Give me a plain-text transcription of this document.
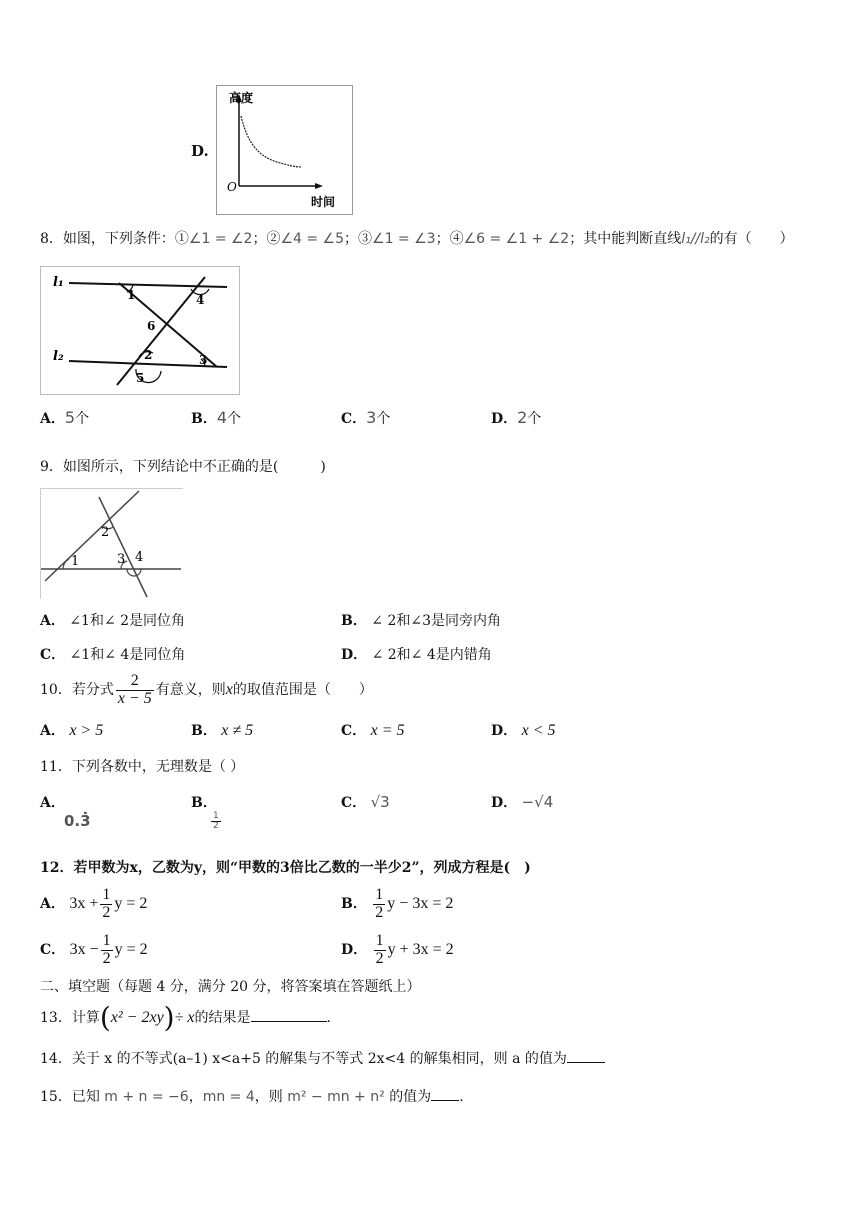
D.
高度
O
时间
8．如图，下列条件：①∠1 = ∠2；②∠4 = ∠5；③∠1 = ∠3；④∠6 = ∠1 + ∠2；其中能判断直线l₁//l₂的有（　　）
l₁
l₂
1	4
6
2	3
5
A．5个	B．4个	C．3个	D．2个
9．如图所示，下列结论中不正确的是(　　　)
1
2
3 4
A． ∠1和∠ 2是同位角	B． ∠ 2和∠3是同旁内角
C． ∠1和∠ 4是同位角	D． ∠ 2和∠ 4是内错角
10．若分式 $\frac{2}{x - 5}$ 有意义，则x的取值范围是（　　）
A． x > 5	B． x ≠ 5	C． x = 5	D． x < 5
11．下列各数中，无理数是（ ）
A．
0.3̇
B．

$\frac{1}{2}$
C． √3	D． −√4
12．若甲数为x，乙数为y，则“甲数的3倍比乙数的一半少2”，列成方程是(　)
A． $3x + \frac{1}{2}$ y = 2	B． $\frac{1}{2}$ y − 3x = 2
C． $3x - \frac{1}{2}$ y = 2	D． $\frac{1}{2}$ y + 3x = 2
二、填空题（每题 4 分，满分 20 分，将答案填在答题纸上）
13．计算(x² − 2xy)÷ x的结果是	.
14．关于 x 的不等式(a–1) x<a+5 的解集与不等式 2x<4 的解集相同，则 a 的值为
15．已知 m + n = −6，mn = 4，则 m² − mn + n² 的值为 .
